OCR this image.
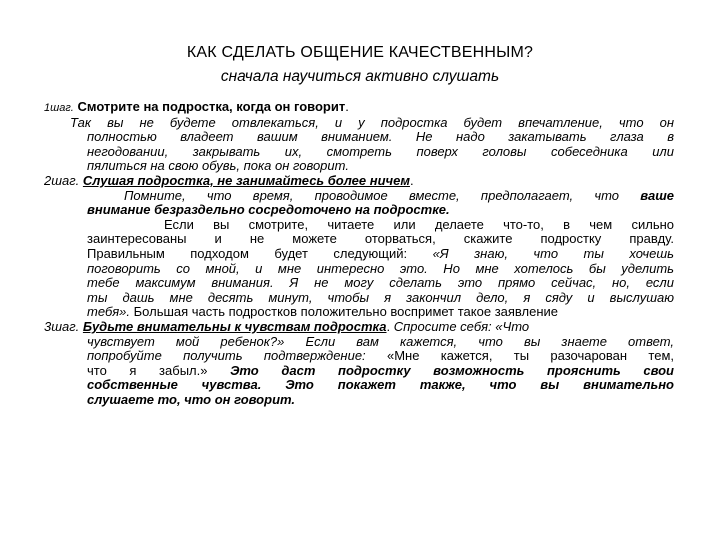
КАК СДЕЛАТЬ ОБЩЕНИЕ КАЧЕСТВЕННЫМ?
сначала научиться активно слушать
1шаг. Смотрите на подростка, когда он говорит.
Так вы не будете отвлекаться, и у подростка будет впечатление, что он
полностью владеет вашим вниманием. Не надо закатывать глаза в
негодовании, закрывать их, смотреть поверх головы собеседника или
пялиться на свою обувь, пока он говорит.
2шаг. Слушая подростка, не занимайтесь более ничем.
Помните, что время, проводимое вместе, предполагает, что ваше
внимание безраздельно сосредоточено на подростке.
Если вы смотрите, читаете или делаете что-то, в чем сильно
заинтересованы и не можете оторваться, скажите подростку правду.
Правильным подходом будет следующий: «Я знаю, что ты хочешь
поговорить со мной, и мне интересно это. Но мне хотелось бы уделить
тебе максимум внимания. Я не могу сделать это прямо сейчас, но, если
ты дашь мне десять минут, чтобы я закончил дело, я сяду и выслушаю
тебя». Большая часть подростков положительно воспримет такое заявление
3шаг. Будьте внимательны к чувствам подростка. Спросите себя: «Что
чувствует мой ребенок?» Если вам кажется, что вы знаете ответ,
попробуйте получить подтверждение: «Мне кажется, ты разочарован тем,
что я забыл.» Это даст подростку возможность прояснить свои
собственные чувства. Это покажет также, что вы внимательно
слушаете то, что он говорит.
